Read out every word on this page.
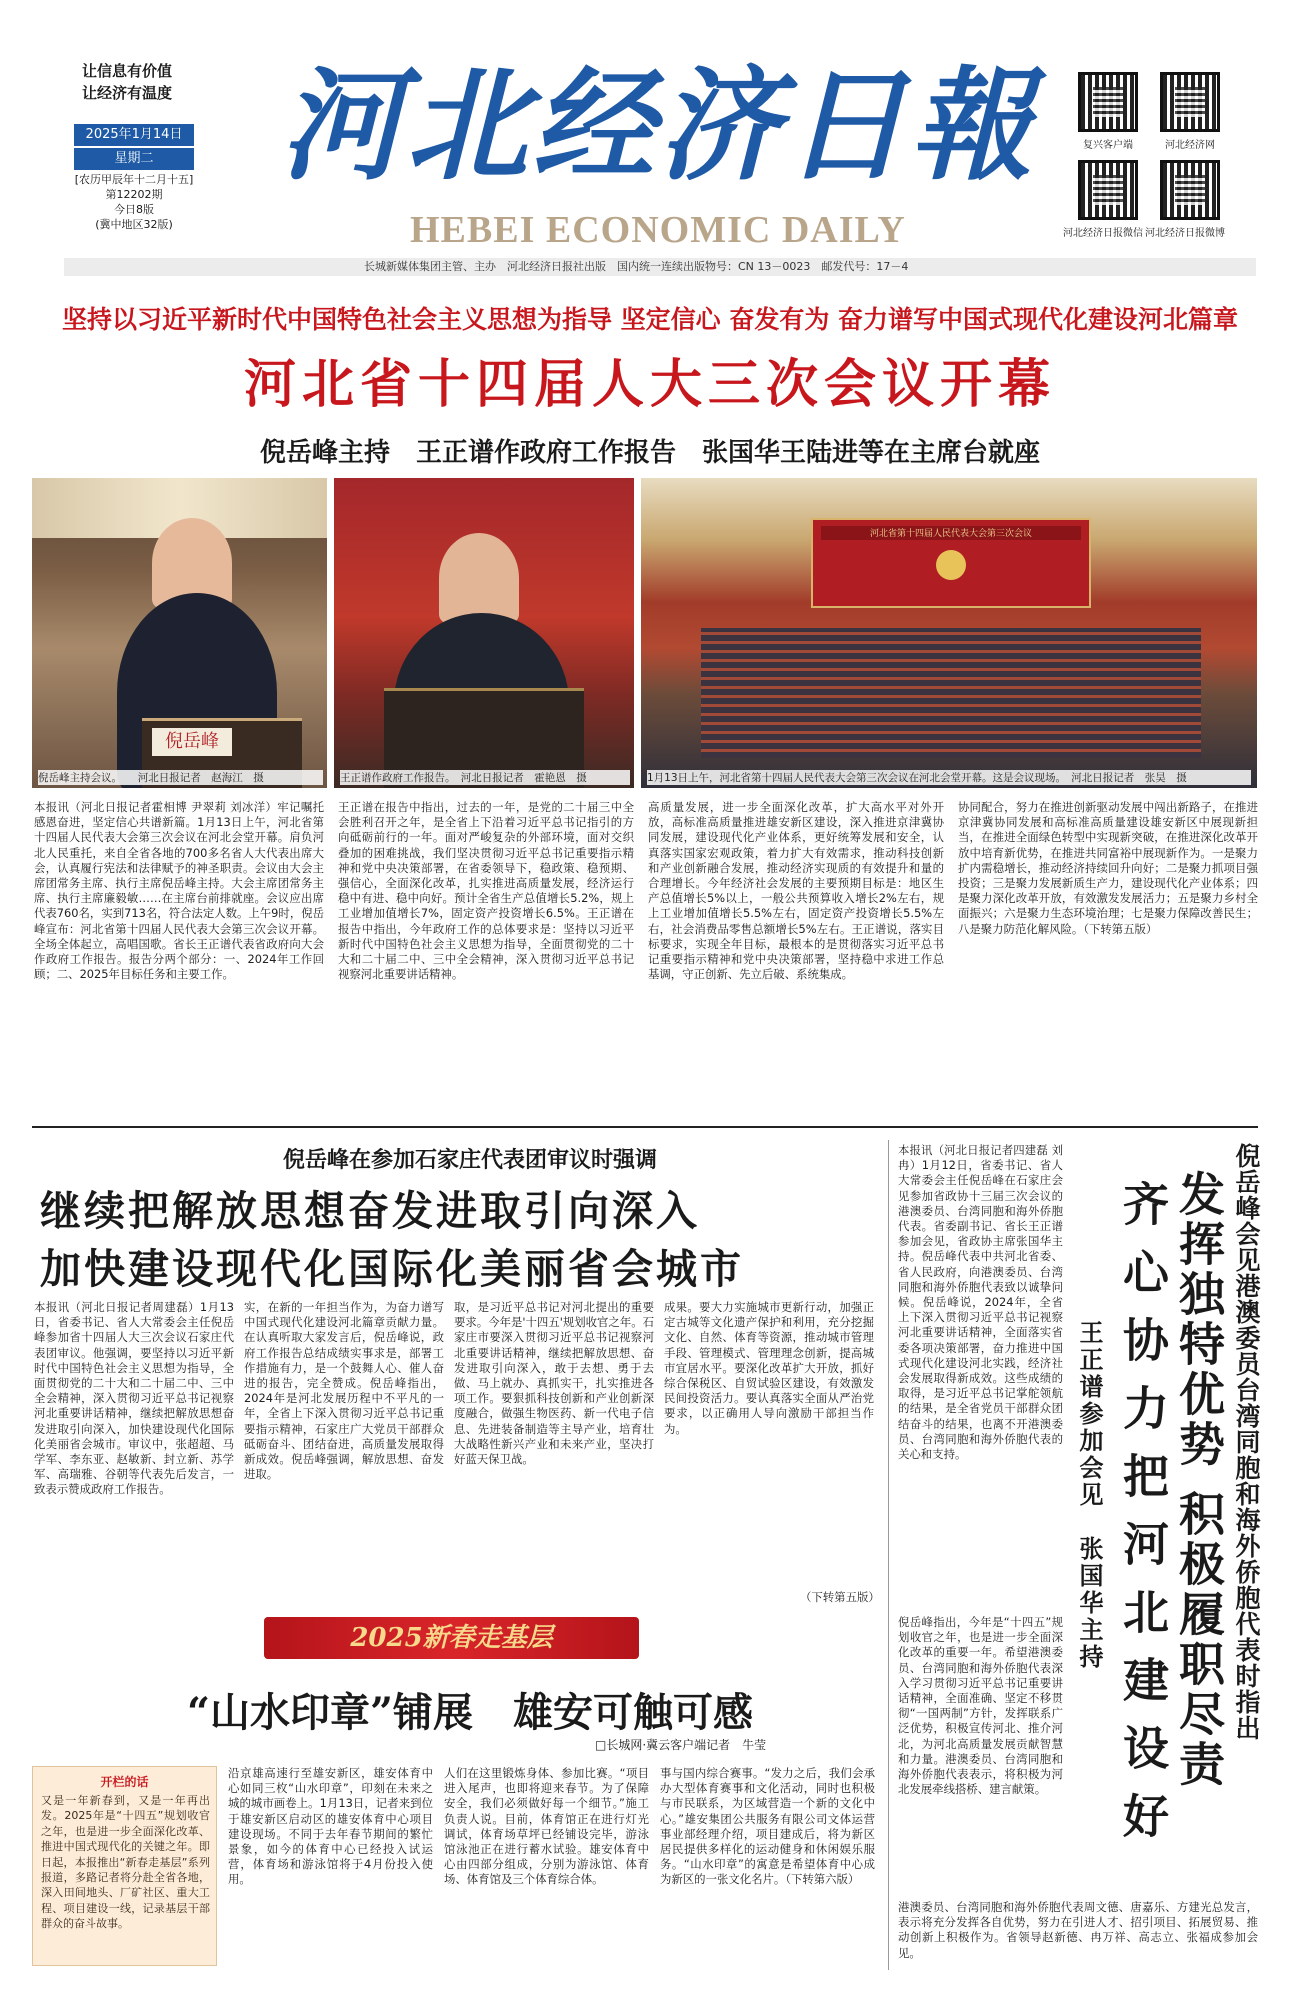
让信息有价值
让经济有温度
2025年1月14日
星期二
[农历甲辰年十二月十五]
第12202期
今日8版
(冀中地区32版)
河北经济日報
HEBEI ECONOMIC DAILY
复兴客户端	河北经济网
河北经济日报微信 河北经济日报微博
长城新媒体集团主管、主办　河北经济日报社出版　国内统一连续出版物号：CN 13－0023　邮发代号：17－4
坚持以习近平新时代中国特色社会主义思想为指导 坚定信心 奋发有为 奋力谱写中国式现代化建设河北篇章
河北省十四届人大三次会议开幕
倪岳峰主持　王正谱作政府工作报告　张国华王陆进等在主席台就座
倪岳峰
倪岳峰主持会议。　　河北日报记者　赵海江　摄	王正谱作政府工作报告。　河北日报记者　霍艳恩　摄
河北省第十四届人民代表大会第三次会议
1月13日上午，河北省第十四届人民代表大会第三次会议在河北会堂开幕。这是会议现场。　河北日报记者　张昊　摄
本报讯（河北日报记者霍相博 尹翠莉 刘冰洋）牢记嘱托感恩奋进，坚定信心共谱新篇。1月13日上午，河北省第十四届人民代表大会第三次会议在河北会堂开幕。肩负河北人民重托，来自全省各地的700多名省人大代表出席大会，认真履行宪法和法律赋予的神圣职责。会议由大会主席团常务主席、执行主席倪岳峰主持。大会主席团常务主席、执行主席廉毅敏……在主席台前排就座。会议应出席代表760名，实到713名，符合法定人数。上午9时，倪岳峰宣布：河北省第十四届人民代表大会第三次会议开幕。全场全体起立，高唱国歌。省长王正谱代表省政府向大会作政府工作报告。报告分两个部分：一、2024年工作回顾；二、2025年目标任务和主要工作。
王正谱在报告中指出，过去的一年，是党的二十届三中全会胜利召开之年，是全省上下沿着习近平总书记指引的方向砥砺前行的一年。面对严峻复杂的外部环境，面对交织叠加的困难挑战，我们坚决贯彻习近平总书记重要指示精神和党中央决策部署，在省委领导下，稳政策、稳预期、强信心，全面深化改革，扎实推进高质量发展，经济运行稳中有进、稳中向好。预计全省生产总值增长5.2%，规上工业增加值增长7%，固定资产投资增长6.5%。王正谱在报告中指出，今年政府工作的总体要求是：坚持以习近平新时代中国特色社会主义思想为指导，全面贯彻党的二十大和二十届二中、三中全会精神，深入贯彻习近平总书记视察河北重要讲话精神。
高质量发展，进一步全面深化改革，扩大高水平对外开放，高标准高质量推进雄安新区建设，深入推进京津冀协同发展，建设现代化产业体系，更好统筹发展和安全，认真落实国家宏观政策，着力扩大有效需求，推动科技创新和产业创新融合发展，推动经济实现质的有效提升和量的合理增长。今年经济社会发展的主要预期目标是：地区生产总值增长5%以上，一般公共预算收入增长2%左右，规上工业增加值增长5.5%左右，固定资产投资增长5.5%左右，社会消费品零售总额增长5%左右。王正谱说，落实目标要求，实现全年目标，最根本的是贯彻落实习近平总书记重要指示精神和党中央决策部署，坚持稳中求进工作总基调，守正创新、先立后破、系统集成。
协同配合，努力在推进创新驱动发展中闯出新路子，在推进京津冀协同发展和高标准高质量建设雄安新区中展现新担当，在推进全面绿色转型中实现新突破，在推进深化改革开放中培育新优势，在推进共同富裕中展现新作为。一是聚力扩内需稳增长，推动经济持续回升向好；二是聚力抓项目强投资；三是聚力发展新质生产力，建设现代化产业体系；四是聚力深化改革开放，有效激发发展活力；五是聚力乡村全面振兴；六是聚力生态环境治理；七是聚力保障改善民生；八是聚力防范化解风险。（下转第五版）
倪岳峰在参加石家庄代表团审议时强调
继续把解放思想奋发进取引向深入
加快建设现代化国际化美丽省会城市
本报讯（河北日报记者周建磊）1月13日，省委书记、省人大常委会主任倪岳峰参加省十四届人大三次会议石家庄代表团审议。他强调，要坚持以习近平新时代中国特色社会主义思想为指导，全面贯彻党的二十大和二十届二中、三中全会精神，深入贯彻习近平总书记视察河北重要讲话精神，继续把解放思想奋发进取引向深入，加快建设现代化国际化美丽省会城市。审议中，张超超、马学军、李东亚、赵敏新、封立新、苏学军、高瑞雅、谷朝等代表先后发言，一致表示赞成政府工作报告。
实，在新的一年担当作为，为奋力谱写中国式现代化建设河北篇章贡献力量。在认真听取大家发言后，倪岳峰说，政府工作报告总结成绩实事求是，部署工作措施有力，是一个鼓舞人心、催人奋进的报告，完全赞成。倪岳峰指出，2024年是河北发展历程中不平凡的一年，全省上下深入贯彻习近平总书记重要指示精神，石家庄广大党员干部群众砥砺奋斗、团结奋进，高质量发展取得新成效。倪岳峰强调，解放思想、奋发进取。
取，是习近平总书记对河北提出的重要要求。今年是'十四五'规划收官之年。石家庄市要深入贯彻习近平总书记视察河北重要讲话精神，继续把解放思想、奋发进取引向深入，敢于去想、勇于去做、马上就办、真抓实干，扎实推进各项工作。要狠抓科技创新和产业创新深度融合，做强生物医药、新一代电子信息、先进装备制造等主导产业，培育壮大战略性新兴产业和未来产业，坚决打好蓝天保卫战。
成果。要大力实施城市更新行动，加强正定古城等文化遗产保护和利用，充分挖掘文化、自然、体育等资源，推动城市管理手段、管理模式、管理理念创新，提高城市宜居水平。要深化改革扩大开放，抓好综合保税区、自贸试验区建设，有效激发民间投资活力。要认真落实全面从严治党要求，以正确用人导向激励干部担当作为。
（下转第五版）
2025新春走基层
“山水印章”铺展　雄安可触可感
□长城网·冀云客户端记者　牛莹
开栏的话
又是一年新春到，又是一年再出发。2025年是“十四五”规划收官之年，也是进一步全面深化改革、推进中国式现代化的关键之年。即日起，本报推出“新春走基层”系列报道，多路记者将分赴全省各地，深入田间地头、厂矿社区、重大工程、项目建设一线，记录基层干部群众的奋斗故事。
沿京雄高速行至雄安新区，雄安体育中心如同三枚“山水印章”，印刻在未来之城的城市画卷上。1月13日，记者来到位于雄安新区启动区的雄安体育中心项目建设现场。不同于去年春节期间的繁忙景象，如今的体育中心已经投入试运营，体育场和游泳馆将于4月份投入使用。
人们在这里锻炼身体、参加比赛。“项目进入尾声，也即将迎来春节。为了保障安全，我们必须做好每一个细节。”施工负责人说。目前，体育馆正在进行灯光调试，体育场草坪已经铺设完毕，游泳馆泳池正在进行蓄水试验。雄安体育中心由四部分组成，分别为游泳馆、体育场、体育馆及三个体育综合体。
事与国内综合赛事。“发力之后，我们会承办大型体育赛事和文化活动，同时也积极与市民联系，为区域营造一个新的文化中心。”雄安集团公共服务有限公司文体运营事业部经理介绍，项目建成后，将为新区居民提供多样化的运动健身和休闲娱乐服务。“山水印章”的寓意是希望体育中心成为新区的一张文化名片。（下转第六版）
本报讯（河北日报记者四建磊 刘冉）1月12日，省委书记、省人大常委会主任倪岳峰在石家庄会见参加省政协十三届三次会议的港澳委员、台湾同胞和海外侨胞代表。省委副书记、省长王正谱参加会见，省政协主席张国华主持。倪岳峰代表中共河北省委、省人民政府，向港澳委员、台湾同胞和海外侨胞代表致以诚挚问候。倪岳峰说，2024年，全省上下深入贯彻习近平总书记视察河北重要讲话精神，全面落实省委各项决策部署，奋力推进中国式现代化建设河北实践，经济社会发展取得新成效。这些成绩的取得，是习近平总书记掌舵领航的结果，是全省党员干部群众团结奋斗的结果，也离不开港澳委员、台湾同胞和海外侨胞代表的关心和支持。
倪岳峰指出，今年是“十四五”规划收官之年，也是进一步全面深化改革的重要一年。希望港澳委员、台湾同胞和海外侨胞代表深入学习贯彻习近平总书记重要讲话精神，全面准确、坚定不移贯彻“一国两制”方针，发挥联系广泛优势，积极宣传河北、推介河北，为河北高质量发展贡献智慧和力量。港澳委员、台湾同胞和海外侨胞代表表示，将积极为河北发展牵线搭桥、建言献策。
港澳委员、台湾同胞和海外侨胞代表周文德、唐嘉乐、方建光总发言，表示将充分发挥各自优势，努力在引进人才、招引项目、拓展贸易、推动创新上积极作为。省领导赵新德、冉万祥、高志立、张福成参加会见。
倪岳峰会见港澳委员台湾同胞和海外侨胞代表时指出
发挥独特优势 积极履职尽责
齐心协力把河北建设好
王正谱参加会见　张国华主持
